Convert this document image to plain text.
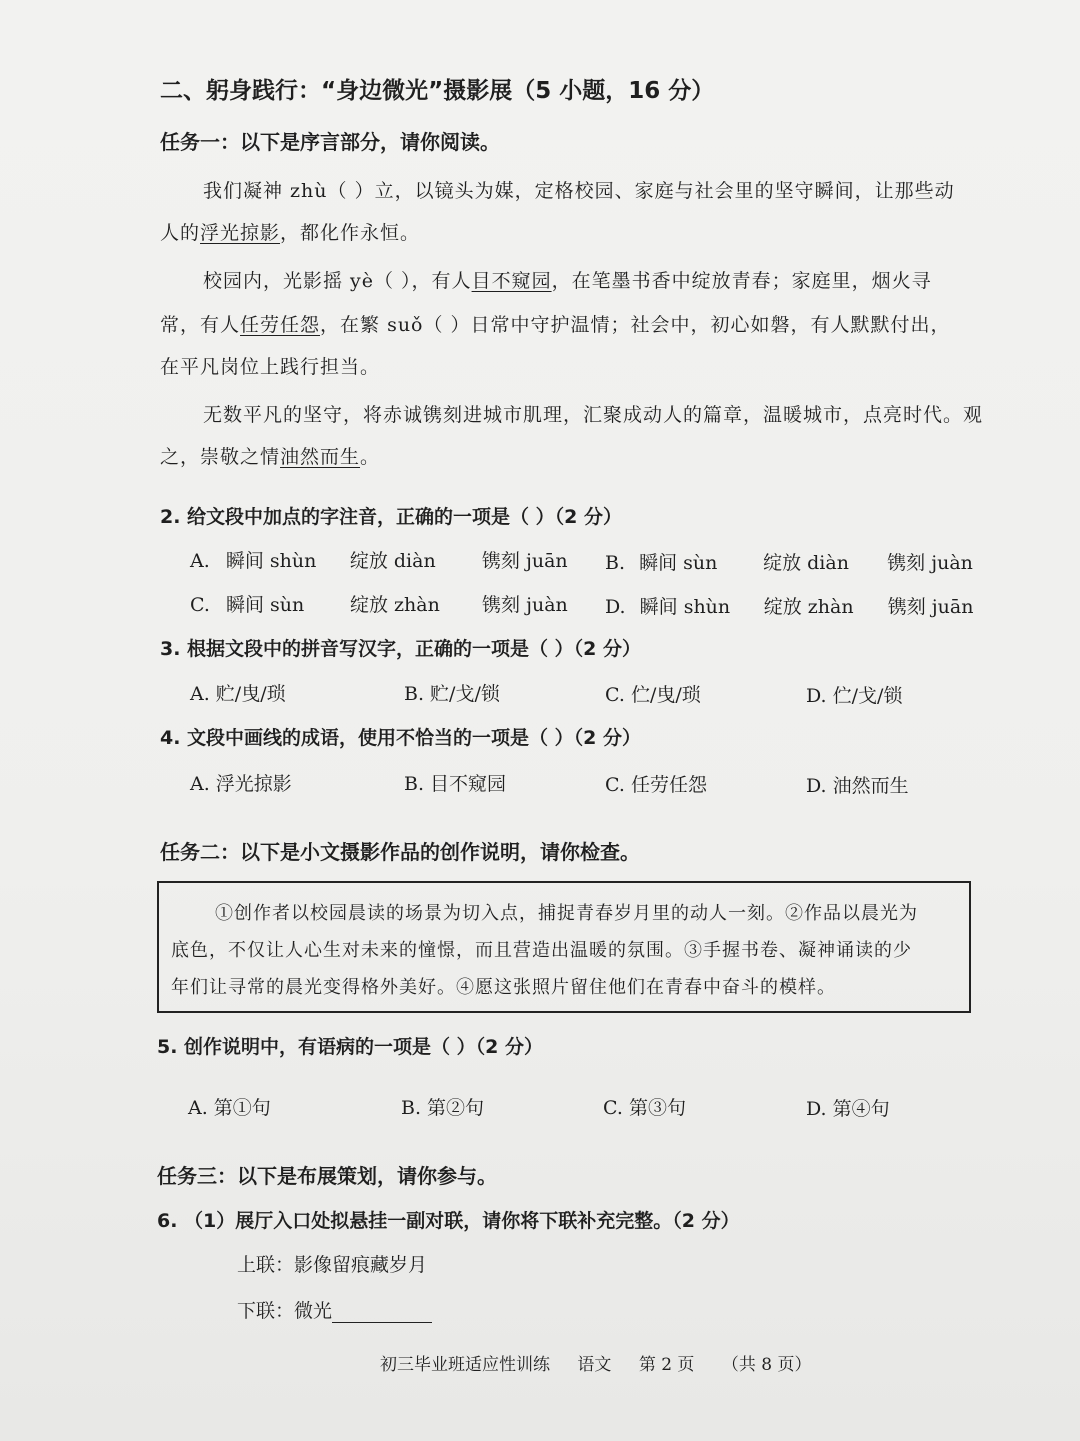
二、躬身践行：“身边微光”摄影展（5 小题，16 分）
任务一：以下是序言部分，请你阅读。
我们凝神 zhù（ ）立，以镜头为媒，定格校园、家庭与社会里的坚守瞬间，让那些动
人的浮光掠影，都化作永恒。
校园内，光影摇 yè（ ），有人目不窥园，在笔墨书香中绽放青春；家庭里，烟火寻
常，有人任劳任怨，在繁 suǒ（ ）日常中守护温情；社会中，初心如磐，有人默默付出，
在平凡岗位上践行担当。
无数平凡的坚守，将赤诚镌刻进城市肌理，汇聚成动人的篇章，温暖城市，点亮时代。观
之，崇敬之情油然而生。
2. 给文段中加点的字注音，正确的一项是（ ）（2 分）
A. 瞬间 shùn 绽放 diàn 镌刻 juān B. 瞬间 sùn 绽放 diàn 镌刻 juàn
C. 瞬间 sùn 绽放 zhàn 镌刻 juàn D. 瞬间 shùn 绽放 zhàn 镌刻 juān
3. 根据文段中的拼音写汉字，正确的一项是（ ）（2 分）
A. 贮/曳/琐	B. 贮/戈/锁	C. 伫/曳/琐	D. 伫/戈/锁
4. 文段中画线的成语，使用不恰当的一项是（ ）（2 分）
A. 浮光掠影	B. 目不窥园	C. 任劳任怨	D. 油然而生
任务二：以下是小文摄影作品的创作说明，请你检查。
①创作者以校园晨读的场景为切入点，捕捉青春岁月里的动人一刻。②作品以晨光为
底色，不仅让人心生对未来的憧憬，而且营造出温暖的氛围。③手握书卷、凝神诵读的少
年们让寻常的晨光变得格外美好。④愿这张照片留住他们在青春中奋斗的模样。
5. 创作说明中，有语病的一项是（ ）（2 分）
A. 第①句	B. 第②句	C. 第③句	D. 第④句
任务三：以下是布展策划，请你参与。
6. （1）展厅入口处拟悬挂一副对联，请你将下联补充完整。（2 分）
上联：影像留痕藏岁月
下联：微光
初三毕业班适应性训练 语文 第 2 页 （共 8 页）
